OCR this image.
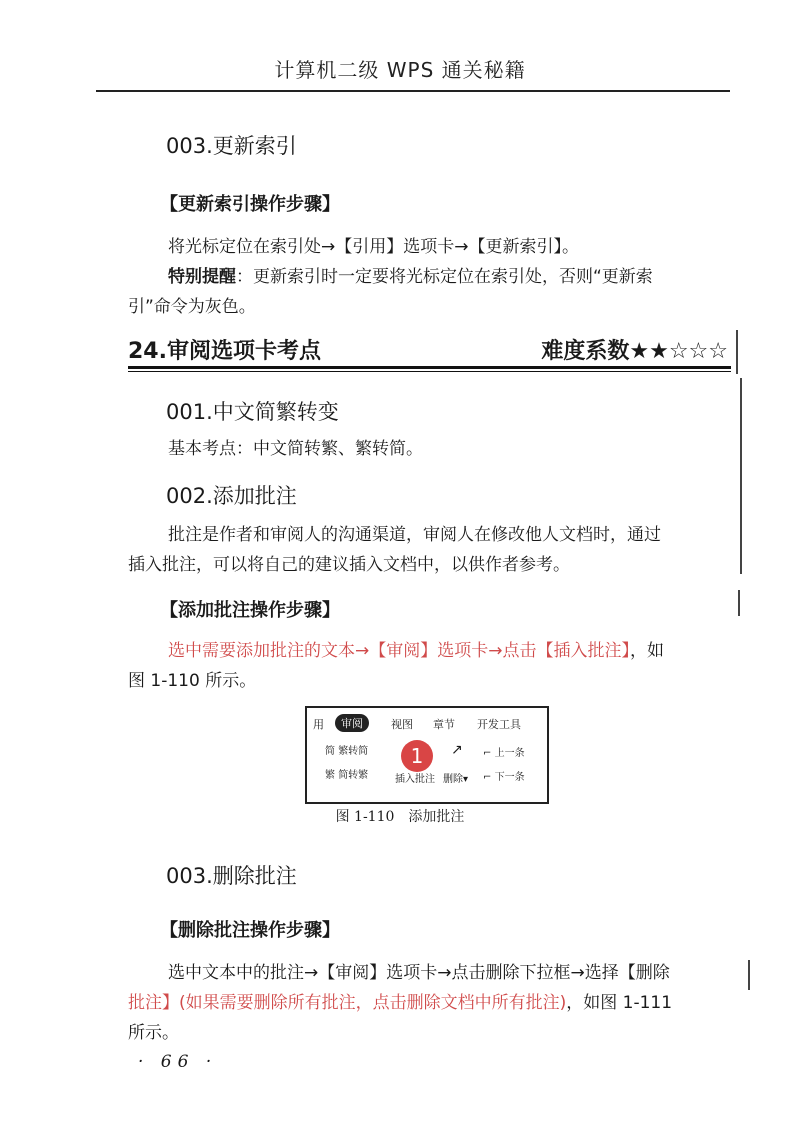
计算机二级 WPS 通关秘籍
003.更新索引
【更新索引操作步骤】
将光标定位在索引处→【引用】选项卡→【更新索引】。
特别提醒：更新索引时一定要将光标定位在索引处，否则“更新索
引”命令为灰色。
24.审阅选项卡考点	难度系数★★☆☆☆
001.中文简繁转变
基本考点：中文简转繁、繁转简。
002.添加批注
批注是作者和审阅人的沟通渠道，审阅人在修改他人文档时，通过
插入批注，可以将自己的建议插入文档中，以供作者参考。
【添加批注操作步骤】
选中需要添加批注的文本→【审阅】选项卡→点击【插入批注】，如
图 1-110 所示。
用	审阅	视图 章节 开发工具
简 繁转简
繁 简转繁
1
插入批注
↗
删除▾
⌐ 上一条
⌐ 下一条
图 1-110　添加批注
003.删除批注
【删除批注操作步骤】
选中文本中的批注→【审阅】选项卡→点击删除下拉框→选择【删除
批注】(如果需要删除所有批注，点击删除文档中所有批注)，如图 1-111
所示。
· 66 ·
